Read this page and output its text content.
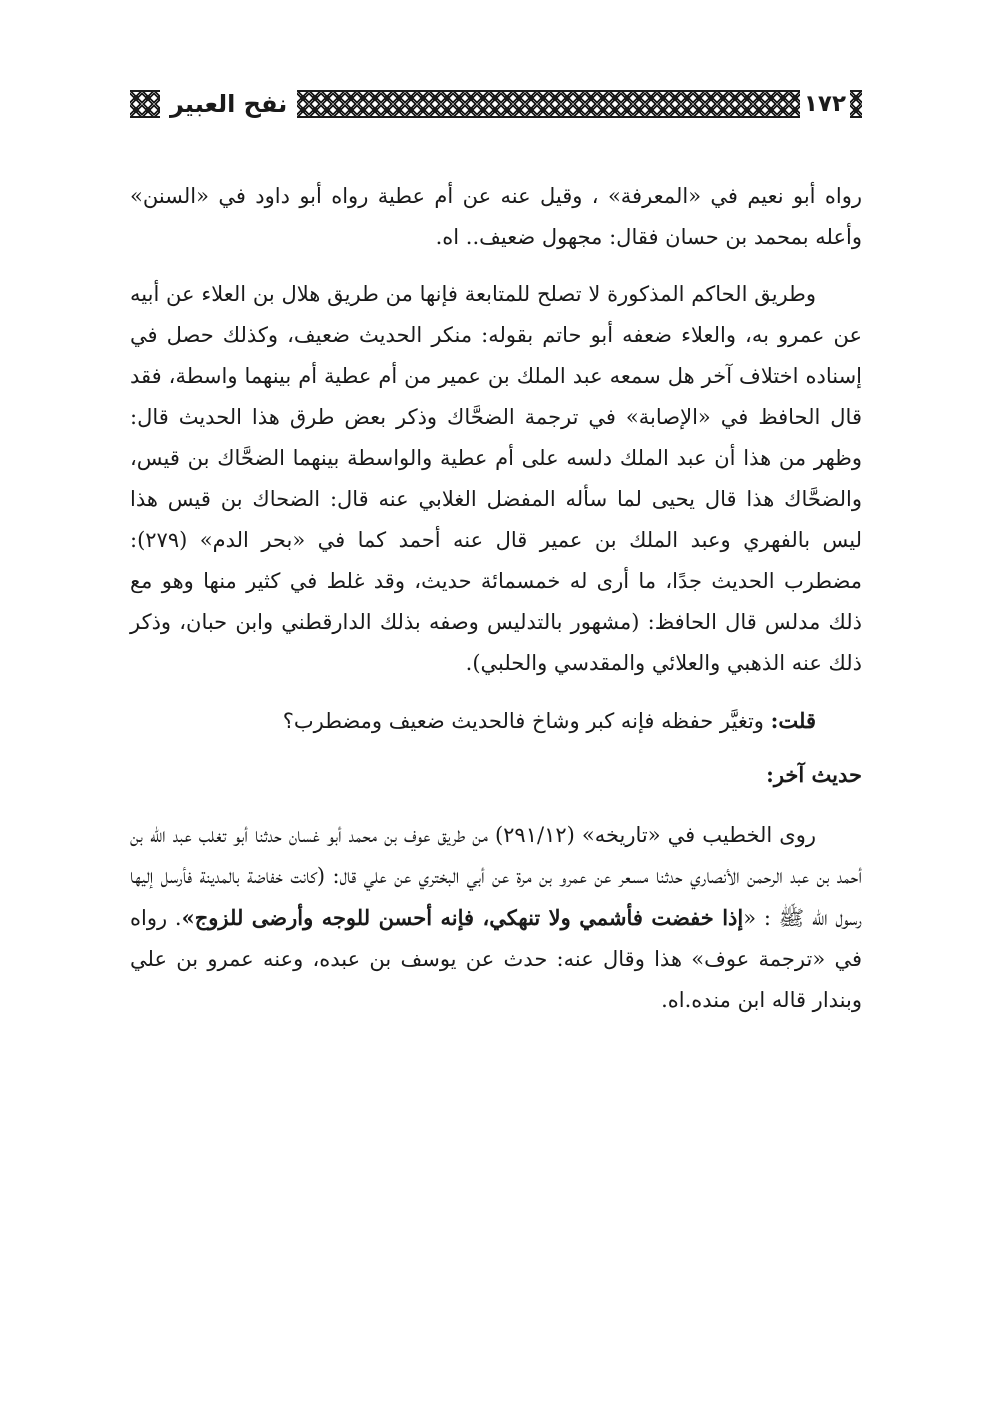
١٧٢
نفح العبير

رواه أبو نعيم في «المعرفة» ، وقيل عنه عن أم عطية رواه أبو داود في «السنن» وأعله بمحمد بن حسان فقال: مجهول ضعيف.. اه.

وطريق الحاكم المذكورة لا تصلح للمتابعة فإنها من طريق هلال بن العلاء عن أبيه عن عمرو به، والعلاء ضعفه أبو حاتم بقوله: منكر الحديث ضعيف، وكذلك حصل في إسناده اختلاف آخر هل سمعه عبد الملك بن عمير من أم عطية أم بينهما واسطة، فقد قال الحافظ في «الإصابة» في ترجمة الضحَّاك وذكر بعض طرق هذا الحديث قال: وظهر من هذا أن عبد الملك دلسه على أم عطية والواسطة بينهما الضحَّاك بن قيس، والضحَّاك هذا قال يحيى لما سأله المفضل الغلابي عنه قال: الضحاك بن قيس هذا ليس بالفهري وعبد الملك بن عمير قال عنه أحمد كما في «بحر الدم» (٢٧٩): مضطرب الحديث جدًا، ما أرى له خمسمائة حديث، وقد غلط في كثير منها وهو مع ذلك مدلس قال الحافظ: (مشهور بالتدليس وصفه بذلك الدارقطني وابن حبان، وذكر ذلك عنه الذهبي والعلائي والمقدسي والحلبي).

قلت: وتغيَّر حفظه فإنه كبر وشاخ فالحديث ضعيف ومضطرب؟

حديث آخر:

روى الخطيب في «تاريخه» (٢٩١/١٢) من طريق عوف بن محمد أبو غسان حدثنا أبو تغلب عبد الله بن أحمد بن عبد الرحمن الأنصاري حدثنا مسعر عن عمرو بن مرة عن أبي البختري عن علي قال: (كانت خفاضة بالمدينة فأرسل إليها رسول الله ﷺ : «إذا خفضت فأشمي ولا تنهكي، فإنه أحسن للوجه وأرضى للزوج». رواه في «ترجمة عوف» هذا وقال عنه: حدث عن يوسف بن عبده، وعنه عمرو بن علي وبندار قاله ابن منده.اه.
